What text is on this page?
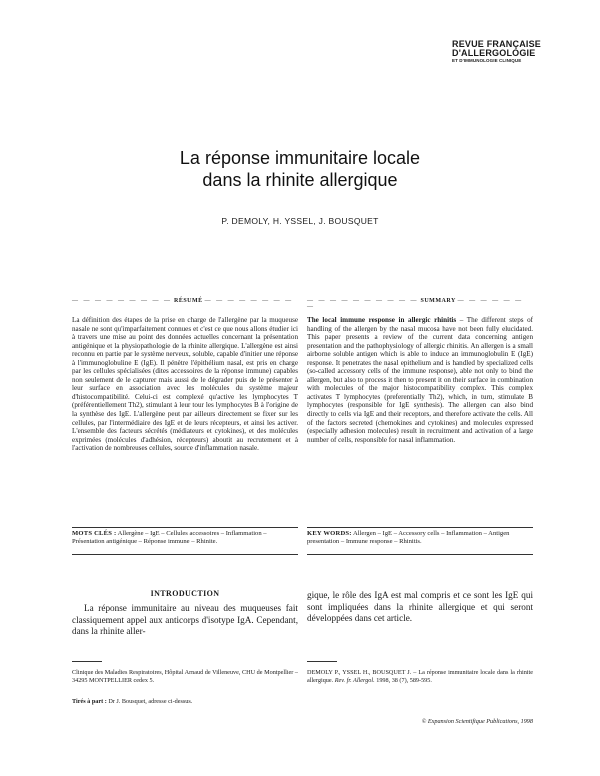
REVUE FRANÇAISE
D'ALLERGOLOGIE
ET D'IMMUNOLOGIE CLINIQUE
La réponse immunitaire locale
dans la rhinite allergique
P. DEMOLY, H. YSSEL, J. BOUSQUET
— — — — — — — — — RÉSUMÉ — — — — — — — —	— — — — — — — — — — SUMMARY — — — — — — —
La définition des étapes de la prise en charge de l'allergène par la muqueuse nasale ne sont qu'imparfaitement connues et c'est ce que nous allons étudier ici à travers une mise au point des données actuelles concernant la présentation antigénique et la physiopathologie de la rhinite allergique. L'allergène est ainsi reconnu en partie par le système nerveux, soluble, capable d'initier une réponse à l'immunoglobuline E (IgE). Il pénètre l'épithélium nasal, est pris en charge par les cellules spécialisées (dites accessoires de la réponse immune) capables non seulement de le capturer mais aussi de le dégrader puis de le présenter à leur surface en association avec les molécules du système majeur d'histocompatibilité. Celui-ci est complexé qu'active les lymphocytes T (préférentiellement Th2), stimulant à leur tour les lymphocytes B à l'origine de la synthèse des IgE. L'allergène peut par ailleurs directement se fixer sur les cellules, par l'intermédiaire des IgE et de leurs récepteurs, et ainsi les activer. L'ensemble des facteurs sécrétés (médiateurs et cytokines), et des molécules exprimées (molécules d'adhésion, récepteurs) aboutit au recrutement et à l'activation de nombreuses cellules, source d'inflammation nasale.
The local immune response in allergic rhinitis – The different steps of handling of the allergen by the nasal mucosa have not been fully elucidated. This paper presents a review of the current data concerning antigen presentation and the pathophysiology of allergic rhinitis. An allergen is a small airborne soluble antigen which is able to induce an immunoglobulin E (IgE) response. It penetrates the nasal epithelium and is handled by specialized cells (so-called accessory cells of the immune response), able not only to bind the allergen, but also to process it then to present it on their surface in combination with molecules of the major histocompatibility complex. This complex activates T lymphocytes (preferentially Th2), which, in turn, stimulate B lymphocytes (responsible for IgE synthesis). The allergen can also bind directly to cells via IgE and their receptors, and therefore activate the cells. All of the factors secreted (chemokines and cytokines) and molecules expressed (especially adhesion molecules) result in recruitment and activation of a large number of cells, responsible for nasal inflammation.
MOTS CLÉS : Allergène – IgE – Cellules accessoires – Inflammation – Présentation antigénique – Réponse immune – Rhinite.
KEY WORDS: Allergen – IgE – Accessory cells – Inflammation – Antigen presentation – Immune response – Rhinitis.
INTRODUCTION
La réponse immunitaire au niveau des muqueuses fait classiquement appel aux anticorps d'isotype IgA. Cependant, dans la rhinite aller-
gique, le rôle des IgA est mal compris et ce sont les IgE qui sont impliquées dans la rhinite allergique et qui seront développées dans cet article.
Clinique des Maladies Respiratoires, Hôpital Arnaud de Villeneuve, CHU de Montpellier – 34295 MONTPELLIER cedex 5.
Tirés à part : Dr J. Bousquet, adresse ci-dessus.
DEMOLY P., YSSEL H., BOUSQUET J. – La réponse immunitaire locale dans la rhinite allergique. Rev. fr. Allergol. 1998, 38 (7), 589-595.
© Expansion Scientifique Publications, 1998
